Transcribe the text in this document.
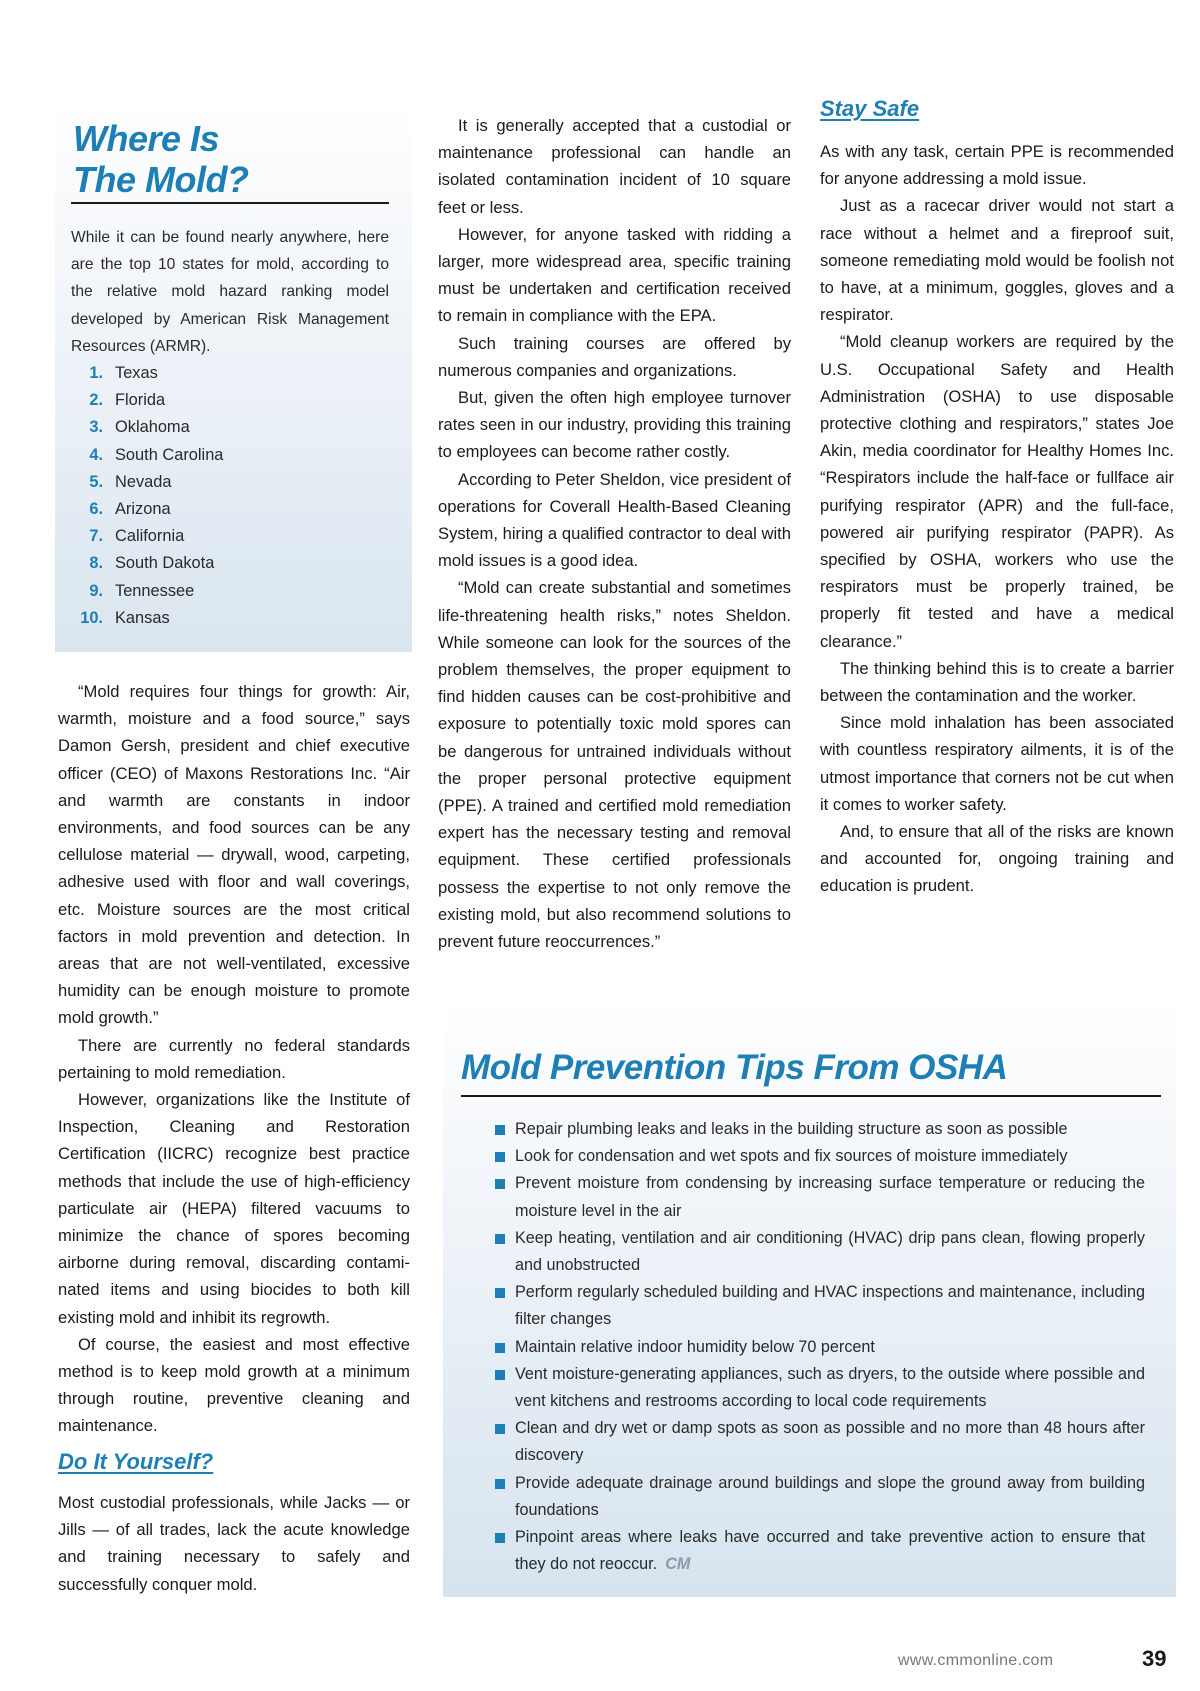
Where Is
The Mold?

While it can be found nearly anywhere, here are the top 10 states for mold, according to the relative mold hazard ranking model developed by American Risk Management Resources (ARMR).

1. Texas
2. Florida
3. Oklahoma
4. South Carolina
5. Nevada
6. Arizona
7. California
8. South Dakota
9. Tennessee
10. Kansas

“Mold requires four things for growth: Air, warmth, moisture and a food source,” says Damon Gersh, president and chief executive officer (CEO) of Maxons Restorations Inc. “Air and warmth are constants in indoor environments, and food sources can be any cellulose material — drywall, wood, carpeting, adhesive used with floor and wall coverings, etc. Moisture sources are the most critical factors in mold prevention and detection. In areas that are not well-ventilated, excessive humidity can be enough moisture to promote mold growth.”

There are currently no federal standards pertaining to mold remediation.

However, organizations like the Institute of Inspection, Cleaning and Restoration Certification (IICRC) recognize best practice methods that include the use of high-efficiency particulate air (HEPA) filtered vacuums to minimize the chance of spores becoming airborne during removal, discarding contaminated items and using biocides to both kill existing mold and inhibit its regrowth.

Of course, the easiest and most effective method is to keep mold growth at a minimum through routine, preventive cleaning and maintenance.

Do It Yourself?

Most custodial professionals, while Jacks — or Jills — of all trades, lack the acute knowledge and training necessary to safely and successfully conquer mold.

It is generally accepted that a custodial or maintenance professional can handle an isolated contamination incident of 10 square feet or less.

However, for anyone tasked with ridding a larger, more widespread area, specific training must be undertaken and certification received to remain in compliance with the EPA.

Such training courses are offered by numerous companies and organizations.

But, given the often high employee turnover rates seen in our industry, providing this training to employees can become rather costly.

According to Peter Sheldon, vice president of operations for Coverall Health-Based Cleaning System, hiring a qualified contractor to deal with mold issues is a good idea.

“Mold can create substantial and sometimes life-threatening health risks,” notes Sheldon. While someone can look for the sources of the problem themselves, the proper equipment to find hidden causes can be cost-prohibitive and exposure to potentially toxic mold spores can be dangerous for untrained individuals without the proper personal protective equipment (PPE). A trained and certified mold remediation expert has the necessary testing and removal equipment. These certified professionals possess the expertise to not only remove the existing mold, but also recommend solutions to prevent future reoccurrences.”

Stay Safe

As with any task, certain PPE is recommended for anyone addressing a mold issue.

Just as a racecar driver would not start a race without a helmet and a fireproof suit, someone remediating mold would be foolish not to have, at a minimum, goggles, gloves and a respirator.

“Mold cleanup workers are required by the U.S. Occupational Safety and Health Administration (OSHA) to use disposable protective clothing and respirators,” states Joe Akin, media coordinator for Healthy Homes Inc. “Respirators include the half-face or fullface air purifying respirator (APR) and the full-face, powered air purifying respirator (PAPR). As specified by OSHA, workers who use the respirators must be properly trained, be properly fit tested and have a medical clearance.”

The thinking behind this is to create a barrier between the contamination and the worker.

Since mold inhalation has been associated with countless respiratory ailments, it is of the utmost importance that corners not be cut when it comes to worker safety.

And, to ensure that all of the risks are known and accounted for, ongoing training and education is prudent.

Mold Prevention Tips From OSHA
Repair plumbing leaks and leaks in the building structure as soon as possible
Look for condensation and wet spots and fix sources of moisture immediately
Prevent moisture from condensing by increasing surface temperature or reducing the moisture level in the air
Keep heating, ventilation and air conditioning (HVAC) drip pans clean, flowing properly and unobstructed
Perform regularly scheduled building and HVAC inspections and maintenance, including filter changes
Maintain relative indoor humidity below 70 percent
Vent moisture-generating appliances, such as dryers, to the outside where possible and vent kitchens and restrooms according to local code requirements
Clean and dry wet or damp spots as soon as possible and no more than 48 hours after discovery
Provide adequate drainage around buildings and slope the ground away from building foundations
Pinpoint areas where leaks have occurred and take preventive action to ensure that they do not reoccur. CM
www.cmmonline.com	39
